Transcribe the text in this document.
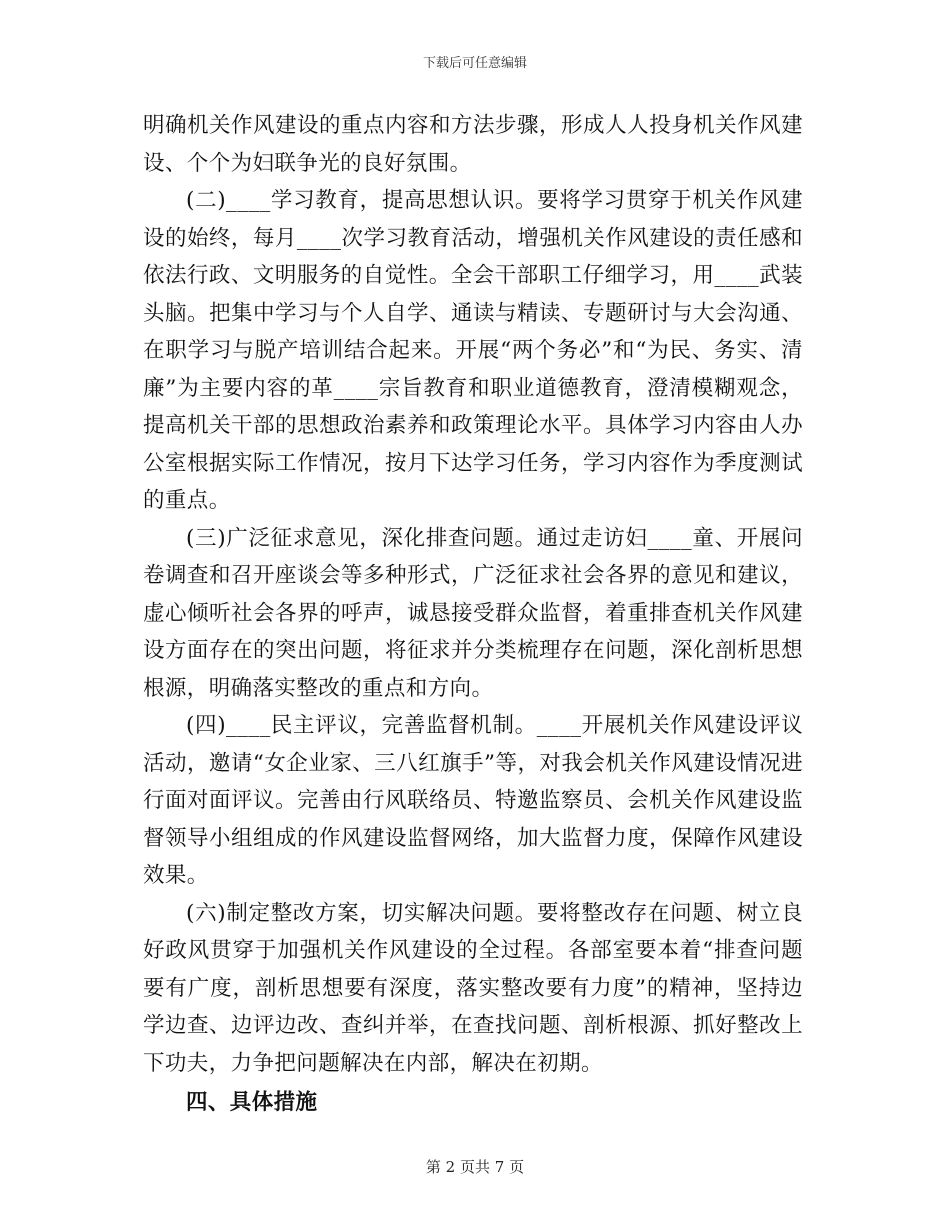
下载后可任意编辑

明确机关作风建设的重点内容和方法步骤，形成人人投身机关作风建设、个个为妇联争光的良好氛围。

(二)____学习教育，提高思想认识。要将学习贯穿于机关作风建设的始终，每月____次学习教育活动，增强机关作风建设的责任感和依法行政、文明服务的自觉性。全会干部职工仔细学习，用____武装头脑。把集中学习与个人自学、通读与精读、专题研讨与大会沟通、在职学习与脱产培训结合起来。开展“两个务必”和“为民、务实、清廉”为主要内容的革____宗旨教育和职业道德教育，澄清模糊观念，提高机关干部的思想政治素养和政策理论水平。具体学习内容由人办公室根据实际工作情况，按月下达学习任务，学习内容作为季度测试的重点。

(三)广泛征求意见，深化排查问题。通过走访妇____童、开展问卷调查和召开座谈会等多种形式，广泛征求社会各界的意见和建议，虚心倾听社会各界的呼声，诚恳接受群众监督，着重排查机关作风建设方面存在的突出问题，将征求并分类梳理存在问题，深化剖析思想根源，明确落实整改的重点和方向。

(四)____民主评议，完善监督机制。____开展机关作风建设评议活动，邀请“女企业家、三八红旗手”等，对我会机关作风建设情况进行面对面评议。完善由行风联络员、特邀监察员、会机关作风建设监督领导小组组成的作风建设监督网络，加大监督力度，保障作风建设效果。

(六)制定整改方案，切实解决问题。要将整改存在问题、树立良好政风贯穿于加强机关作风建设的全过程。各部室要本着“排查问题要有广度，剖析思想要有深度，落实整改要有力度”的精神，坚持边学边查、边评边改、查纠并举，在查找问题、剖析根源、抓好整改上下功夫，力争把问题解决在内部，解决在初期。

四、具体措施

第 2 页共 7 页
